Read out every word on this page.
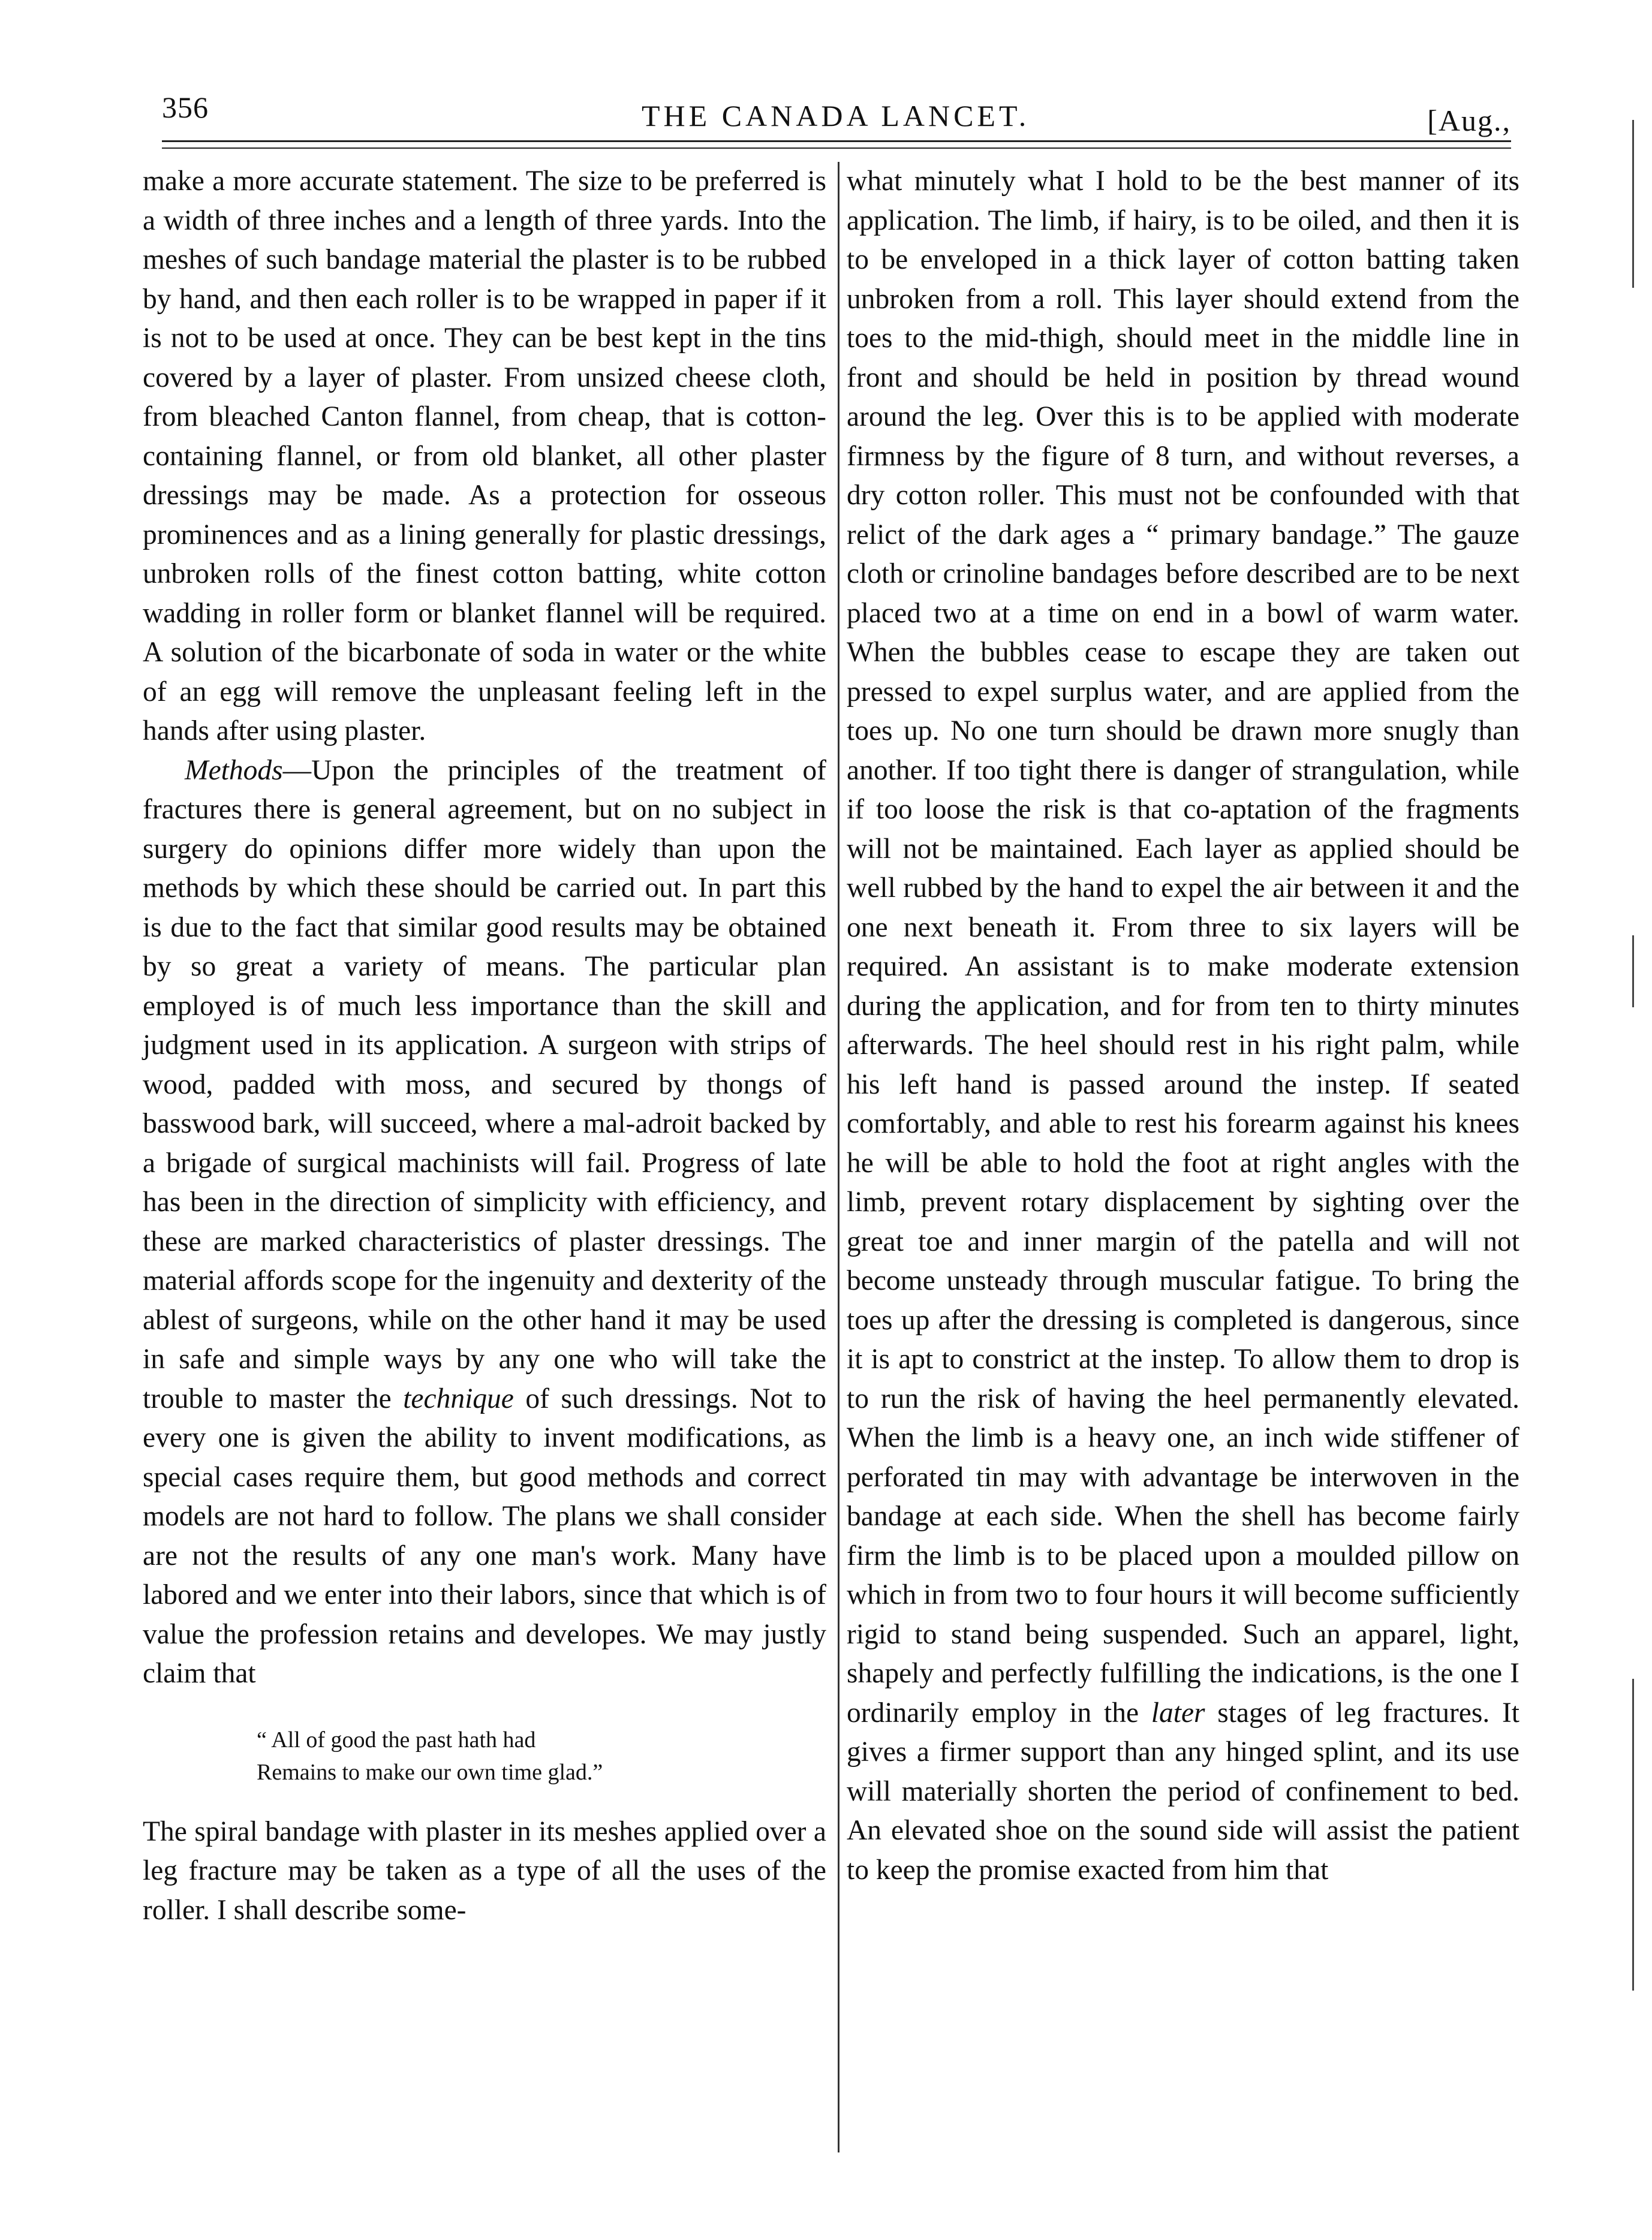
356	THE CANADA LANCET.	[Aug.,

make a more accurate statement. The size to be preferred is a width of three inches and a length of three yards. Into the meshes of such bandage material the plaster is to be rubbed by hand, and then each roller is to be wrapped in paper if it is not to be used at once. They can be best kept in the tins covered by a layer of plaster. From unsized cheese cloth, from bleached Canton flannel, from cheap, that is cotton-containing flannel, or from old blanket, all other plaster dressings may be made. As a protection for osseous prominences and as a lining generally for plastic dressings, unbroken rolls of the finest cotton batting, white cotton wadding in roller form or blanket flannel will be required. A solution of the bicarbonate of soda in water or the white of an egg will remove the unpleasant feeling left in the hands after using plaster.

Methods—Upon the principles of the treatment of fractures there is general agreement, but on no subject in surgery do opinions differ more widely than upon the methods by which these should be carried out. In part this is due to the fact that similar good results may be obtained by so great a variety of means. The particular plan employed is of much less importance than the skill and judgment used in its application. A surgeon with strips of wood, padded with moss, and secured by thongs of basswood bark, will succeed, where a mal-adroit backed by a brigade of surgical machinists will fail. Progress of late has been in the direction of simplicity with efficiency, and these are marked characteristics of plaster dressings. The material affords scope for the ingenuity and dexterity of the ablest of surgeons, while on the other hand it may be used in safe and simple ways by any one who will take the trouble to master the technique of such dressings. Not to every one is given the ability to invent modifications, as special cases require them, but good methods and correct models are not hard to follow. The plans we shall consider are not the results of any one man's work. Many have labored and we enter into their labors, since that which is of value the profession retains and developes. We may justly claim that

“ All of good the past hath had
Remains to make our own time glad.”

The spiral bandage with plaster in its meshes applied over a leg fracture may be taken as a type of all the uses of the roller. I shall describe some-

what minutely what I hold to be the best manner of its application. The limb, if hairy, is to be oiled, and then it is to be enveloped in a thick layer of cotton batting taken unbroken from a roll. This layer should extend from the toes to the mid-thigh, should meet in the middle line in front and should be held in position by thread wound around the leg. Over this is to be applied with moderate firmness by the figure of 8 turn, and without reverses, a dry cotton roller. This must not be confounded with that relict of the dark ages a “ primary bandage.” The gauze cloth or crinoline bandages before described are to be next placed two at a time on end in a bowl of warm water. When the bubbles cease to escape they are taken out pressed to expel surplus water, and are applied from the toes up. No one turn should be drawn more snugly than another. If too tight there is danger of strangulation, while if too loose the risk is that co-aptation of the fragments will not be maintained. Each layer as applied should be well rubbed by the hand to expel the air between it and the one next beneath it. From three to six layers will be required. An assistant is to make moderate extension during the application, and for from ten to thirty minutes afterwards. The heel should rest in his right palm, while his left hand is passed around the instep. If seated comfortably, and able to rest his forearm against his knees he will be able to hold the foot at right angles with the limb, prevent rotary displacement by sighting over the great toe and inner margin of the patella and will not become unsteady through muscular fatigue. To bring the toes up after the dressing is completed is dangerous, since it is apt to constrict at the instep. To allow them to drop is to run the risk of having the heel permanently elevated. When the limb is a heavy one, an inch wide stiffener of perforated tin may with advantage be interwoven in the bandage at each side. When the shell has become fairly firm the limb is to be placed upon a moulded pillow on which in from two to four hours it will become sufficiently rigid to stand being suspended. Such an apparel, light, shapely and perfectly fulfilling the indications, is the one I ordinarily employ in the later stages of leg fractures. It gives a firmer support than any hinged splint, and its use will materially shorten the period of confinement to bed. An elevated shoe on the sound side will assist the patient to keep the promise exacted from him that
